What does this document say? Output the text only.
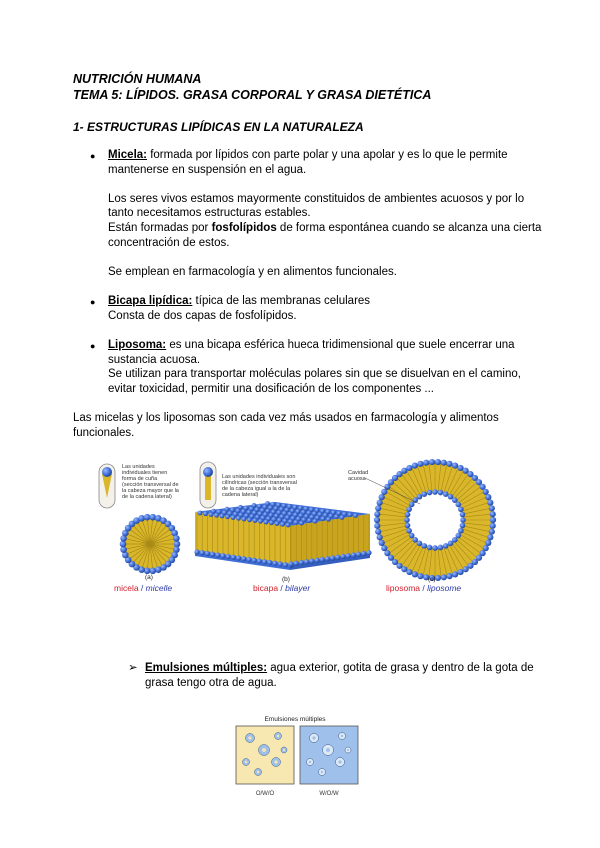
NUTRICIÓN HUMANA
TEMA 5: LÍPIDOS. GRASA CORPORAL Y GRASA DIETÉTICA
1- ESTRUCTURAS LIPÍDICAS EN LA NATURALEZA
● Micela: formada por lípidos con parte polar y una apolar y es lo que le permite
mantenerse en suspensión en el agua.
Los seres vivos estamos mayormente constituidos de ambientes acuosos y por lo
tanto necesitamos estructuras estables.
Están formadas por fosfolípidos de forma espontánea cuando se alcanza una cierta
concentración de estos.
Se emplean en farmacología y en alimentos funcionales.
● Bicapa lipídica: típica de las membranas celulares
Consta de dos capas de fosfolípidos.
● Liposoma: es una bicapa esférica hueca tridimensional que suele encerrar una
sustancia acuosa.
Se utilizan para transportar moléculas polares sin que se disuelvan en el camino,
evitar toxicidad, permitir una dosificación de los componentes ...
Las micelas y los liposomas son cada vez más usados en farmacología y alimentos
funcionales.
Las unidades
individuales tienen
forma de cuña
(sección transversal de
la cabeza mayor que la
de la cadena lateral)
Las unidades individuales son
cilíndricas (sección transversal
de la cabeza igual a la de la
cadena lateral)
Cavidad
acuosa
(a)	(b)	(c)
micela / micelle	bicapa / bilayer	liposoma / liposome
➢ Emulsiones múltiples: agua exterior, gotita de grasa y dentro de la gota de
grasa tengo otra de agua.
Emulsiones múltiples
O/W/O	W/O/W
